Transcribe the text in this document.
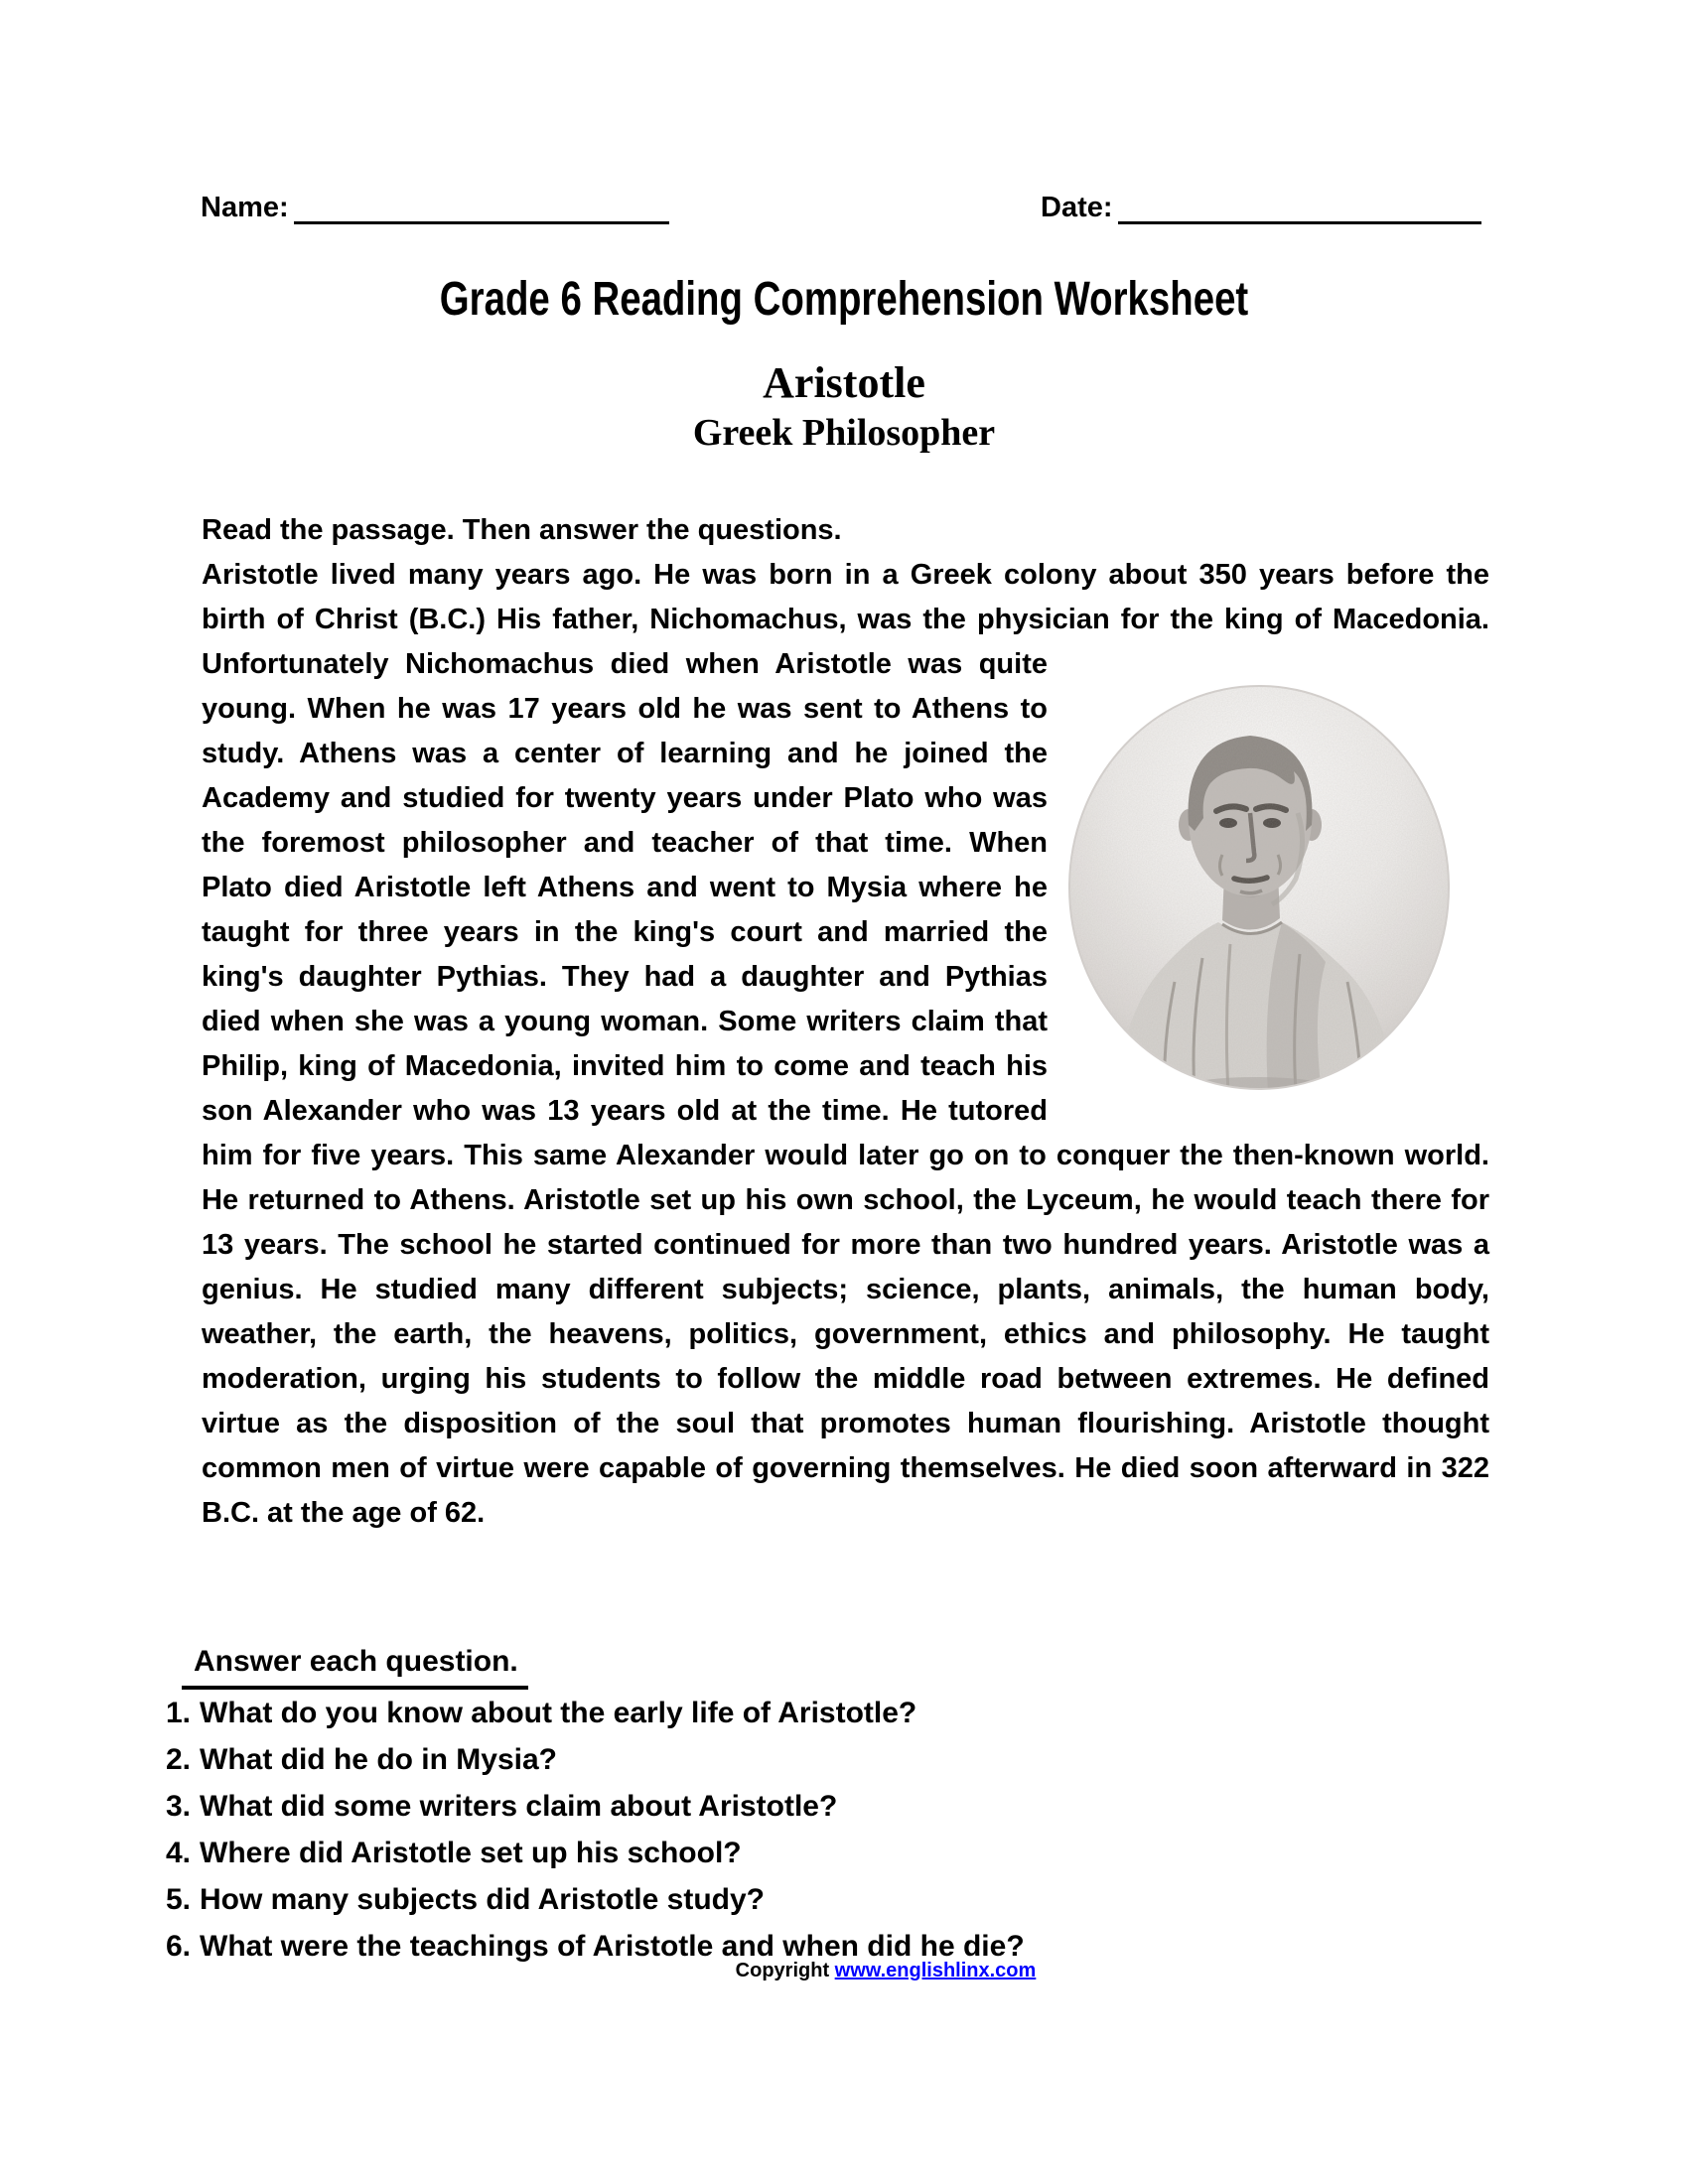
Name:	Date:
Grade 6 Reading Comprehension Worksheet
Aristotle
Greek Philosopher

Read the passage. Then answer the questions.

Aristotle lived many years ago. He was born in a Greek colony about 350 years before the birth of Christ (B.C.) His father, Nichomachus, was the physician for
the king of Macedonia. Unfortunately Nichomachus died when Aristotle was quite young. When he was 17 years old he was sent to Athens to study. Athens was a center of learning and he joined the Academy and studied for twenty years under Plato who was the foremost philosopher and teacher of that time. When Plato died Aristotle left Athens and went to Mysia where he taught for three years in the king's court and married the king's daughter Pythias. They had a daughter and Pythias died when she was a young woman. Some writers claim that Philip, king of Macedonia, invited him to come and teach his son Alexander who was 13 years old at the time. He tutored him for five years. This same Alexander would later go on to conquer the then-known world. He returned to Athens. Aristotle set up his own school, the Lyceum, he would teach there for 13 years. The school he started continued for more than two hundred years. Aristotle was a genius. He studied many different subjects; science, plants, animals, the human body, weather, the earth, the heavens, politics, government, ethics and philosophy. He taught moderation, urging his students to follow the middle road between extremes. He defined virtue as the disposition of the soul that promotes human flourishing. Aristotle thought common men of virtue were capable of governing themselves. He died soon afterward in 322 B.C. at the age of 62.

Answer each question.
1. What do you know about the early life of Aristotle?
2. What did he do in Mysia?
3. What did some writers claim about Aristotle?
4. Where did Aristotle set up his school?
5. How many subjects did Aristotle study?
6. What were the teachings of Aristotle and when did he die?
Copyright www.englishlinx.com
